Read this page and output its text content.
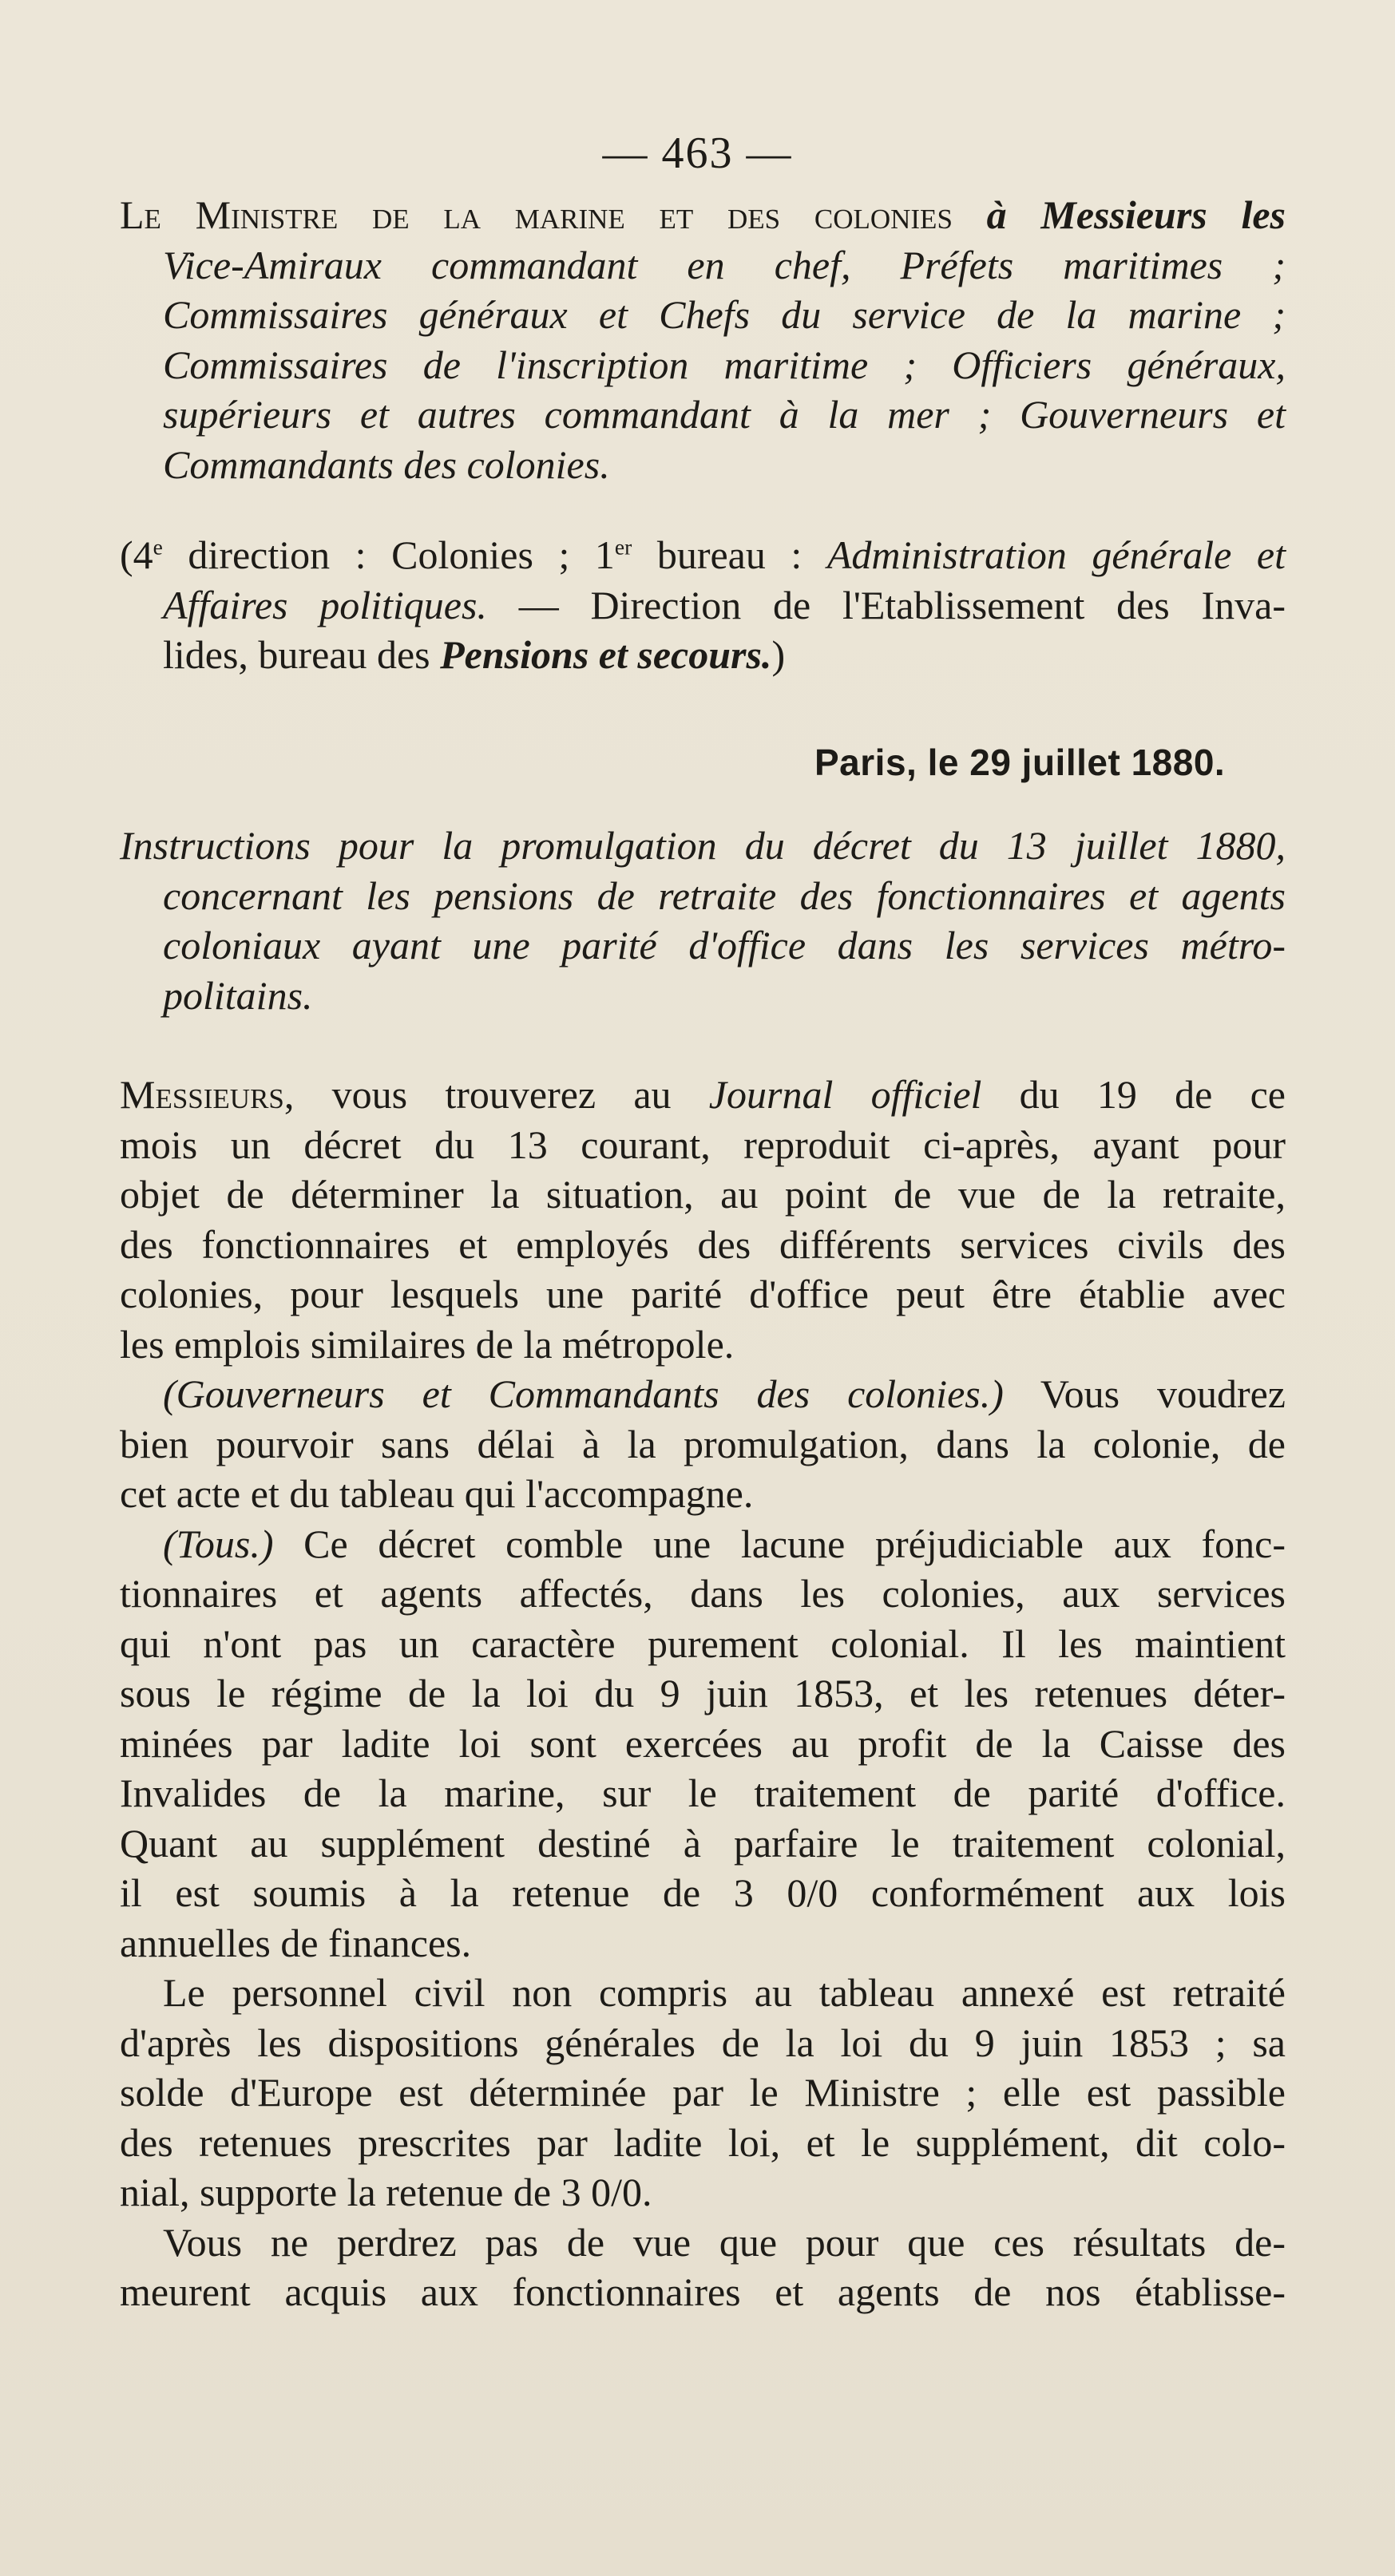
— 463 —
Le Ministre de la marine et des colonies à Messieurs les
Vice-Amiraux commandant en chef, Préfets maritimes ;
Commissaires généraux et Chefs du service de la marine ;
Commissaires de l'inscription maritime ; Officiers généraux,
supérieurs et autres commandant à la mer ; Gouverneurs et
Commandants des colonies.
(4e direction : Colonies ; 1er bureau : Administration générale et
Affaires politiques. — Direction de l'Etablissement des Inva-
lides, bureau des Pensions et secours.)
Paris, le 29 juillet 1880.
Instructions pour la promulgation du décret du 13 juillet 1880,
concernant les pensions de retraite des fonctionnaires et agents
coloniaux ayant une parité d'office dans les services métro-
politains.
Messieurs, vous trouverez au Journal officiel du 19 de ce
mois un décret du 13 courant, reproduit ci-après, ayant pour
objet de déterminer la situation, au point de vue de la retraite,
des fonctionnaires et employés des différents services civils des
colonies, pour lesquels une parité d'office peut être établie avec
les emplois similaires de la métropole.
(Gouverneurs et Commandants des colonies.) Vous voudrez
bien pourvoir sans délai à la promulgation, dans la colonie, de
cet acte et du tableau qui l'accompagne.
(Tous.) Ce décret comble une lacune préjudiciable aux fonc-
tionnaires et agents affectés, dans les colonies, aux services
qui n'ont pas un caractère purement colonial. Il les maintient
sous le régime de la loi du 9 juin 1853, et les retenues déter-
minées par ladite loi sont exercées au profit de la Caisse des
Invalides de la marine, sur le traitement de parité d'office.
Quant au supplément destiné à parfaire le traitement colonial,
il est soumis à la retenue de 3 0/0 conformément aux lois
annuelles de finances.
Le personnel civil non compris au tableau annexé est retraité
d'après les dispositions générales de la loi du 9 juin 1853 ; sa
solde d'Europe est déterminée par le Ministre ; elle est passible
des retenues prescrites par ladite loi, et le supplément, dit colo-
nial, supporte la retenue de 3 0/0.
Vous ne perdrez pas de vue que pour que ces résultats de-
meurent acquis aux fonctionnaires et agents de nos établisse-
